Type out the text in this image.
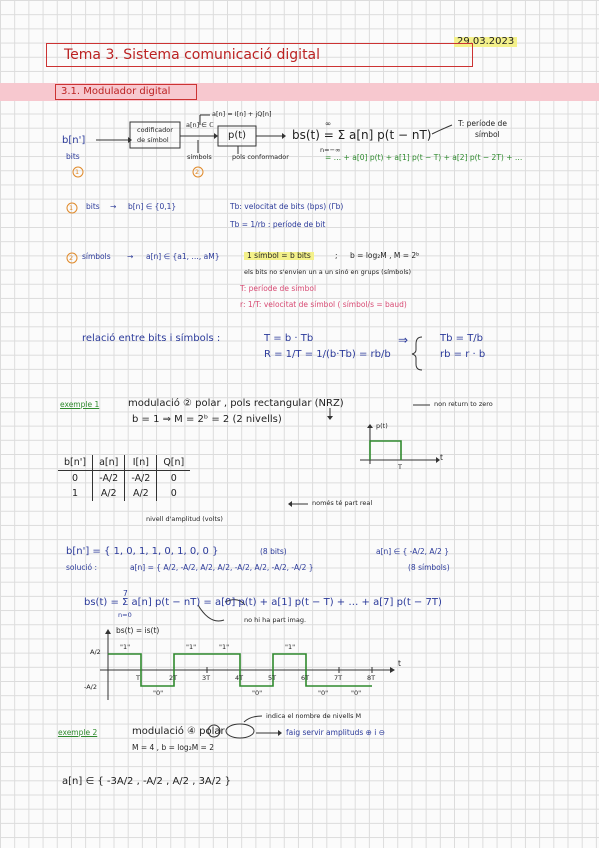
29.03.2023
Tema 3. Sistema comunicació digital
3.1. Modulador digital
b[n']
bits
1
codificador
de símbol
a[n] ∈ ℂ
a[n] = I[n] + jQ[n]
p(t)
símbols
2
pols conformador
∞
bs(t) = Σ a[n] p(t − nT)
n=−∞
T: període de
símbol
= … + a[0] p(t) + a[1] p(t − T) + a[2] p(t − 2T) + …
1 bits → b[n] ∈ {0,1}	Tb: velocitat de bits (bps) (Γb)
Tb = 1/rb : període de bit
2 símbols → a[n] ∈ {a1, …, aM}	1 símbol = b bits	; b = log₂M , M = 2ᵇ
els bits no s'envien un a un sinó en grups (símbols)
T: període de símbol
r: 1/T: velocitat de símbol ( símbol/s = baud)
relació entre bits i símbols :	T = b · Tb
R = 1/T = 1/(b·Tb) = rb/b
⇒	Tb = T/b
rb = r · b
exemple 1	modulació ② polar , pols rectangular (NRZ)	non return to zero
b = 1 ⇒ M = 2ᵇ = 2 (2 nivells)
p(t)
t
T
b[n']	a[n]	I[n]	Q[n]
0	-A/2	-A/2	0
1	A/2	A/2	0
només té part real
nivell d'amplitud (volts)
b[n'] = { 1, 0, 1, 1, 0, 1, 0, 0 }	(8 bits)	a[n] ∈ { -A/2, A/2 }
solució :	a[n] = { A/2, -A/2, A/2, A/2, -A/2, A/2, -A/2, -A/2 }	(8 símbols)
7
bs(t) = Σ a[n] p(t − nT) = a[0] p(t) + a[1] p(t − T) + … + a[7] p(t − 7T)
n=0
no hi ha part imag.
bs(t) = is(t)
A/2
-A/2
t
T	2T	3T	4T	5T	6T	7T	8T
"1"
"0"
"1"	"1"
"0"
"1"
"0"	"0"
exemple 2	modulació ④ polar
indica el nombre de nivells M
faig servir amplituds ⊕ i ⊖
M = 4 , b = log₂M = 2
a[n] ∈ { -3A/2 , -A/2 , A/2 , 3A/2 }
